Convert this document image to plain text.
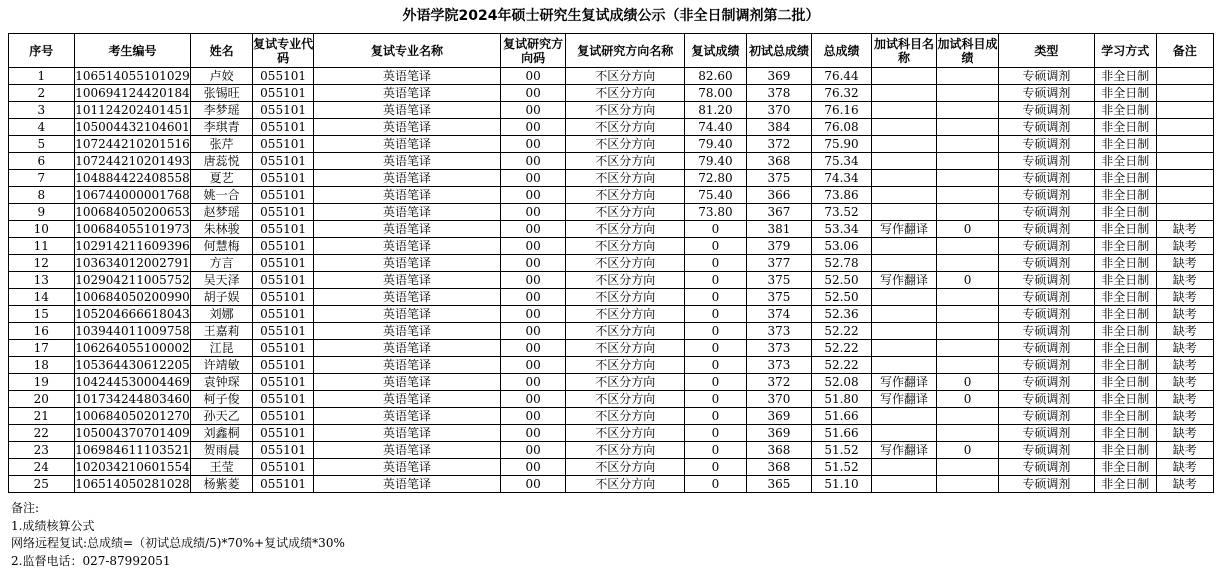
外语学院2024年硕士研究生复试成绩公示（非全日制调剂第二批）
序号	考生编号	姓名	复试专业代码	复试专业名称	复试研究方向码	复试研究方向名称	复试成绩	初试总成绩	总成绩	加试科目名称	加试科目成绩	类型	学习方式	备注
1	106514055101029	卢姣	055101	英语笔译	00	不区分方向	82.60	369	76.44			专硕调剂	非全日制	
2	100694124420184	张锡旺	055101	英语笔译	00	不区分方向	78.00	378	76.32			专硕调剂	非全日制	
3	101124202401451	李梦瑶	055101	英语笔译	00	不区分方向	81.20	370	76.16			专硕调剂	非全日制	
4	105004432104601	李琪青	055101	英语笔译	00	不区分方向	74.40	384	76.08			专硕调剂	非全日制	
5	107244210201516	张芹	055101	英语笔译	00	不区分方向	79.40	372	75.90			专硕调剂	非全日制	
6	107244210201493	唐蕊悦	055101	英语笔译	00	不区分方向	79.40	368	75.34			专硕调剂	非全日制	
7	104884422408558	夏艺	055101	英语笔译	00	不区分方向	72.80	375	74.34			专硕调剂	非全日制	
8	106744000001768	姚一合	055101	英语笔译	00	不区分方向	75.40	366	73.86			专硕调剂	非全日制	
9	100684050200653	赵梦瑶	055101	英语笔译	00	不区分方向	73.80	367	73.52			专硕调剂	非全日制	
10	100684055101973	朱林骏	055101	英语笔译	00	不区分方向	0	381	53.34	写作翻译	0	专硕调剂	非全日制	缺考
11	102914211609396	何慧梅	055101	英语笔译	00	不区分方向	0	379	53.06			专硕调剂	非全日制	缺考
12	103634012002791	方言	055101	英语笔译	00	不区分方向	0	377	52.78			专硕调剂	非全日制	缺考
13	102904211005752	吴天泽	055101	英语笔译	00	不区分方向	0	375	52.50	写作翻译	0	专硕调剂	非全日制	缺考
14	100684050200990	胡子娱	055101	英语笔译	00	不区分方向	0	375	52.50			专硕调剂	非全日制	缺考
15	105204666618043	刘娜	055101	英语笔译	00	不区分方向	0	374	52.36			专硕调剂	非全日制	缺考
16	103944011009758	王嘉莉	055101	英语笔译	00	不区分方向	0	373	52.22			专硕调剂	非全日制	缺考
17	106264055100002	江昆	055101	英语笔译	00	不区分方向	0	373	52.22			专硕调剂	非全日制	缺考
18	105364430612205	许靖敏	055101	英语笔译	00	不区分方向	0	373	52.22			专硕调剂	非全日制	缺考
19	104244530004469	袁钟琛	055101	英语笔译	00	不区分方向	0	372	52.08	写作翻译	0	专硕调剂	非全日制	缺考
20	101734244803460	柯子俊	055101	英语笔译	00	不区分方向	0	370	51.80	写作翻译	0	专硕调剂	非全日制	缺考
21	100684050201270	孙天乙	055101	英语笔译	00	不区分方向	0	369	51.66			专硕调剂	非全日制	缺考
22	105004370701409	刘鑫桐	055101	英语笔译	00	不区分方向	0	369	51.66			专硕调剂	非全日制	缺考
23	106984611103521	贺雨晨	055101	英语笔译	00	不区分方向	0	368	51.52	写作翻译	0	专硕调剂	非全日制	缺考
24	102034210601554	王莹	055101	英语笔译	00	不区分方向	0	368	51.52			专硕调剂	非全日制	缺考
25	106514050281028	杨紫菱	055101	英语笔译	00	不区分方向	0	365	51.10			专硕调剂	非全日制	缺考
备注:
1.成绩核算公式
网络远程复试:总成绩=（初试总成绩/5)*70%+复试成绩*30%
2.监督电话：027-87992051
